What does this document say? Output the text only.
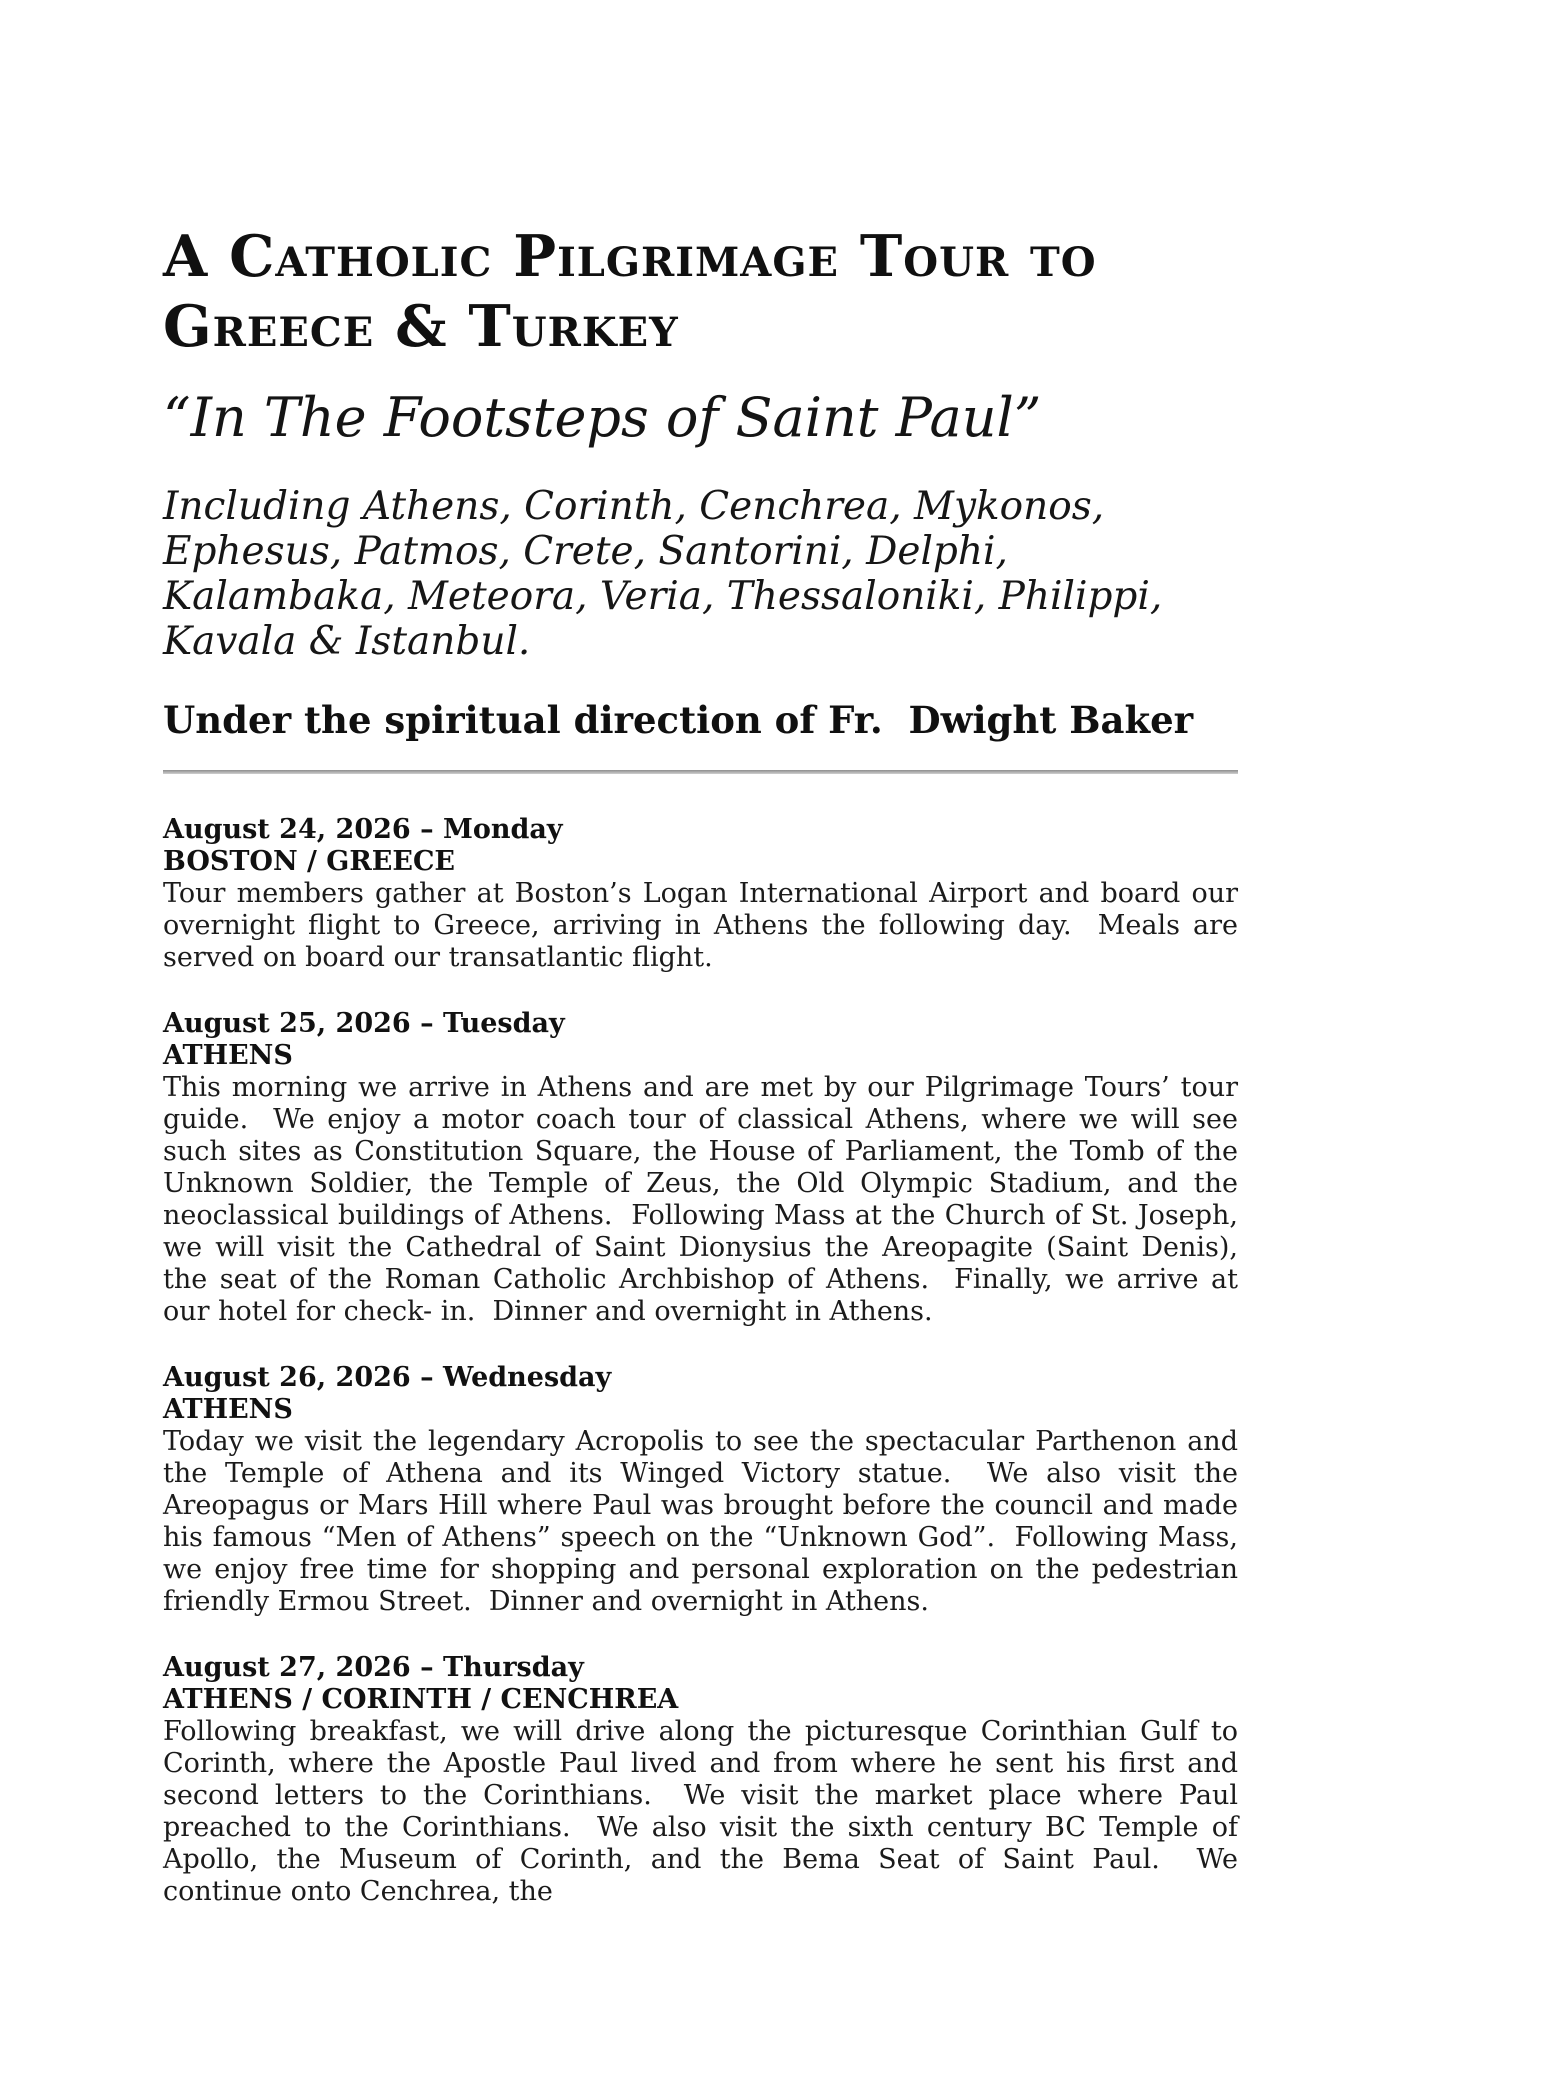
A Catholic Pilgrimage Tour to
Greece & Turkey
“In The Footsteps of Saint Paul”
Including Athens, Corinth, Cenchrea, Mykonos, Ephesus, Patmos, Crete, Santorini, Delphi, Kalambaka, Meteora, Veria, Thessaloniki, Philippi, Kavala & Istanbul.
Under the spiritual direction of Fr.  Dwight Baker
August 24, 2026 – Monday
BOSTON / GREECE

Tour members gather at Boston’s Logan International Airport and board our overnight flight to Greece, arriving in Athens the following day.  Meals are served on board our transatlantic flight.

August 25, 2026 – Tuesday
ATHENS

This morning we arrive in Athens and are met by our Pilgrimage Tours’ tour guide.  We enjoy a motor coach tour of classical Athens, where we will see such sites as Constitution Square, the House of Parliament, the Tomb of the Unknown Soldier, the Temple of Zeus, the Old Olympic Stadium, and the neoclassical buildings of Athens.  Following Mass at the Church of St. Joseph, we will visit the Cathedral of Saint Dionysius the Areopagite (Saint Denis), the seat of the Roman Catholic Archbishop of Athens.  Finally, we arrive at our hotel for check- in.  Dinner and overnight in Athens.

August 26, 2026 – Wednesday
ATHENS

Today we visit the legendary Acropolis to see the spectacular Parthenon and the Temple of Athena and its Winged Victory statue.  We also visit the Areopagus or Mars Hill where Paul was brought before the council and made his famous “Men of Athens” speech on the “Unknown God”.  Following Mass, we enjoy free time for shopping and personal exploration on the pedestrian friendly Ermou Street.  Dinner and overnight in Athens.

August 27, 2026 – Thursday
ATHENS / CORINTH / CENCHREA

Following breakfast, we will drive along the picturesque Corinthian Gulf to Corinth, where the Apostle Paul lived and from where he sent his first and second letters to the Corinthians.  We visit the market place where Paul preached to the Corinthians.  We also visit the sixth century BC Temple of Apollo, the Museum of Corinth, and the Bema Seat of Saint Paul.  We continue onto Cenchrea, the
